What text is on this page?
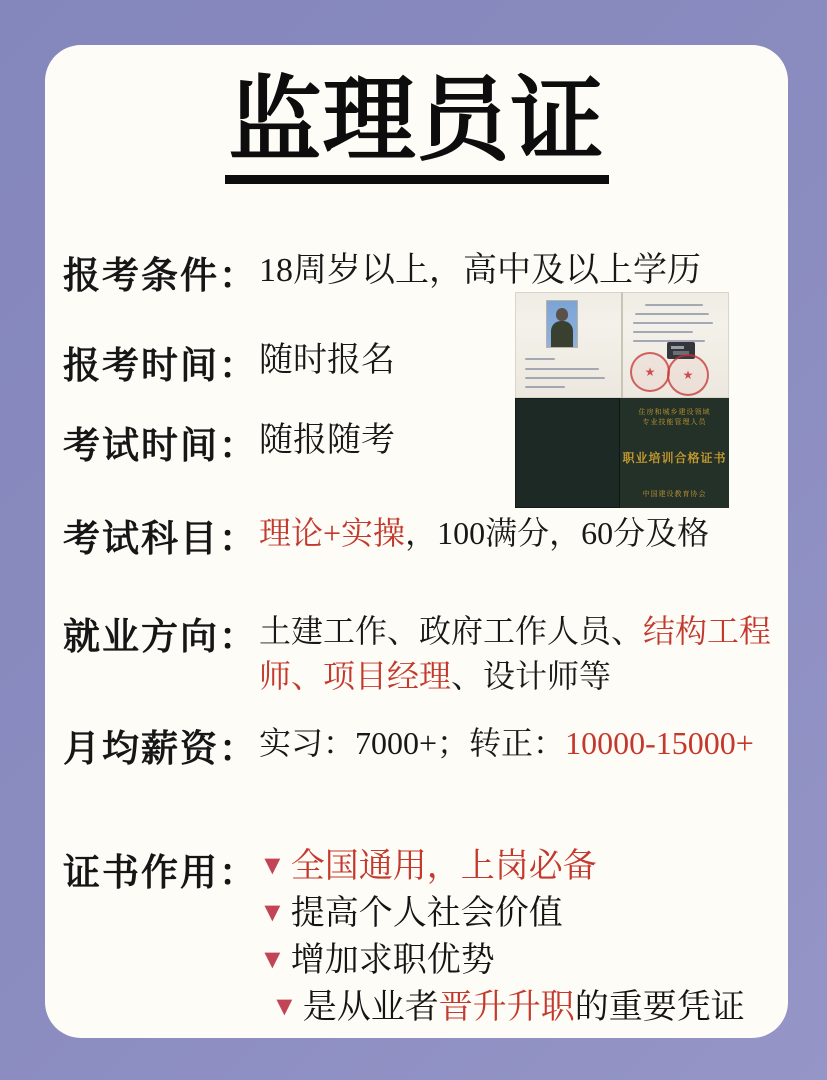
监理员证
报考条件： 18周岁以上，高中及以上学历
报考时间： 随时报名
考试时间： 随报随考
考试科目： 理论+实操，100满分，60分及格
就业方向： 土建工作、政府工作人员、结构工程师、项目经理、设计师等
月均薪资： 实习：7000+；转正：10000-15000+
证书作用： ▼ 全国通用，上岗必备
▼ 提高个人社会价值
▼ 增加求职优势
▼ 是从业者晋升升职的重要凭证
★ ★
住房和城乡建设领域
专业技能管理人员
职业培训合格证书
中国建设教育协会
